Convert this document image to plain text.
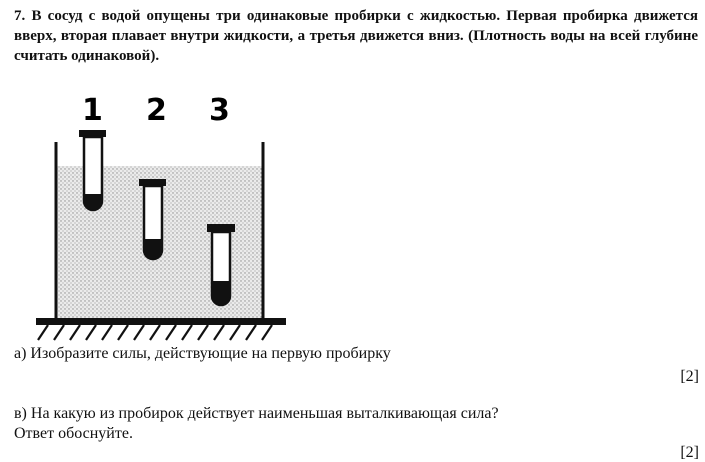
7. В сосуд с водой опущены три одинаковые пробирки с жидкостью. Первая пробирка движется вверх, вторая плавает внутри жидкости, а третья движется вниз. (Плотность воды на всей глубине считать одинаковой).
1 2 3
а) Изобразите силы, действующие на первую пробирку
[2]
в) На какую из пробирок действует наименьшая выталкивающая сила?
Ответ обоснуйте.
[2]
